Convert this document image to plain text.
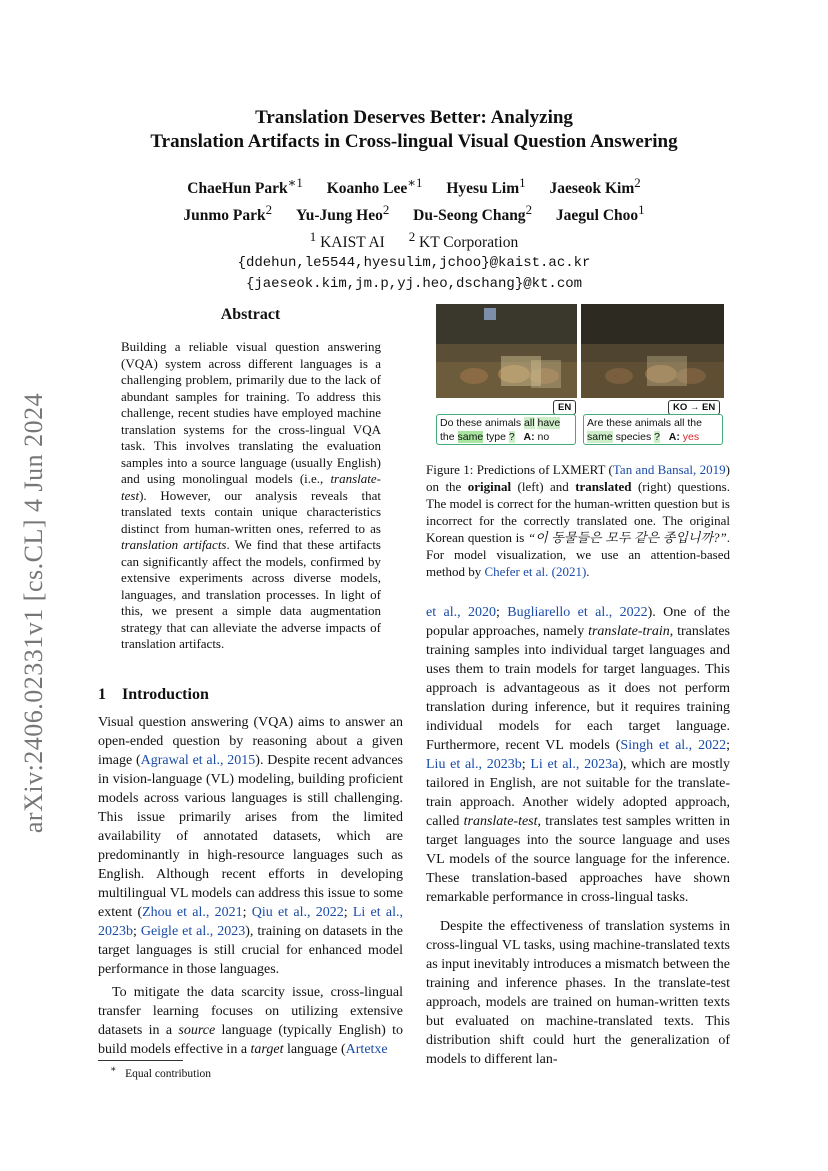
arXiv:2406.02331v1 [cs.CL] 4 Jun 2024
Translation Deserves Better: Analyzing
Translation Artifacts in Cross-lingual Visual Question Answering
ChaeHun Park$^{∗1}$ Koanho Lee$^{∗1}$ Hyesu Lim$^1$ Jaeseok Kim$^2$
Junmo Park$^2$ Yu-Jung Heo$^2$ Du-Seong Chang$^2$ Jaegul Choo$^1$
$^1$ KAIST AI $^2$ KT Corporation
{ddehun,le5544,hyesulim,jchoo}@kaist.ac.kr
{jaeseok.kim,jm.p,yj.heo,dschang}@kt.com
Abstract
Building a reliable visual question answering (VQA) system across different languages is a challenging problem, primarily due to the lack of abundant samples for training. To address this challenge, recent studies have employed machine translation systems for the cross-lingual VQA task. This involves translating the evaluation samples into a source language (usually English) and using monolingual models (i.e., translate-test). However, our analysis reveals that translated texts contain unique characteristics distinct from human-written ones, referred to as translation artifacts. We find that these artifacts can significantly affect the models, confirmed by extensive experiments across diverse models, languages, and translation processes. In light of this, we present a simple data augmentation strategy that can alleviate the adverse impacts of translation artifacts.
1 Introduction

Visual question answering (VQA) aims to answer an open-ended question by reasoning about a given image (Agrawal et al., 2015). Despite recent advances in vision-language (VL) modeling, building proficient models across various languages is still challenging. This issue primarily arises from the limited availability of annotated datasets, which are predominantly in high-resource languages such as English. Although recent efforts in developing multilingual VL models can address this issue to some extent (Zhou et al., 2021; Qiu et al., 2022; Li et al., 2023b; Geigle et al., 2023), training on datasets in the target languages is still crucial for enhanced model performance in those languages.

To mitigate the data scarcity issue, cross-lingual transfer learning focuses on utilizing extensive datasets in a source language (typically English) to build models effective in a target language (Artetxe

∗ Equal contribution
EN	KO → EN
Do these animals all have
the same type ? A: no
Are these animals all the
same species ? A: yes
Figure 1: Predictions of LXMERT (Tan and Bansal, 2019) on the original (left) and translated (right) questions. The model is correct for the human-written question but is incorrect for the correctly translated one. The original Korean question is “이 동물들은 모두 같은 종입니까?”. For model visualization, we use an attention-based method by Chefer et al. (2021).

et al., 2020; Bugliarello et al., 2022). One of the popular approaches, namely translate-train, translates training samples into individual target languages and uses them to train models for target languages. This approach is advantageous as it does not perform translation during inference, but it requires training individual models for each target language. Furthermore, recent VL models (Singh et al., 2022; Liu et al., 2023b; Li et al., 2023a), which are mostly tailored in English, are not suitable for the translate-train approach. Another widely adopted approach, called translate-test, translates test samples written in target languages into the source language and uses VL models of the source language for the inference. These translation-based approaches have shown remarkable performance in cross-lingual tasks.

Despite the effectiveness of translation systems in cross-lingual VL tasks, using machine-translated texts as input inevitably introduces a mismatch between the training and inference phases. In the translate-test approach, models are trained on human-written texts but evaluated on machine-translated texts. This distribution shift could hurt the generalization of models to different lan-
